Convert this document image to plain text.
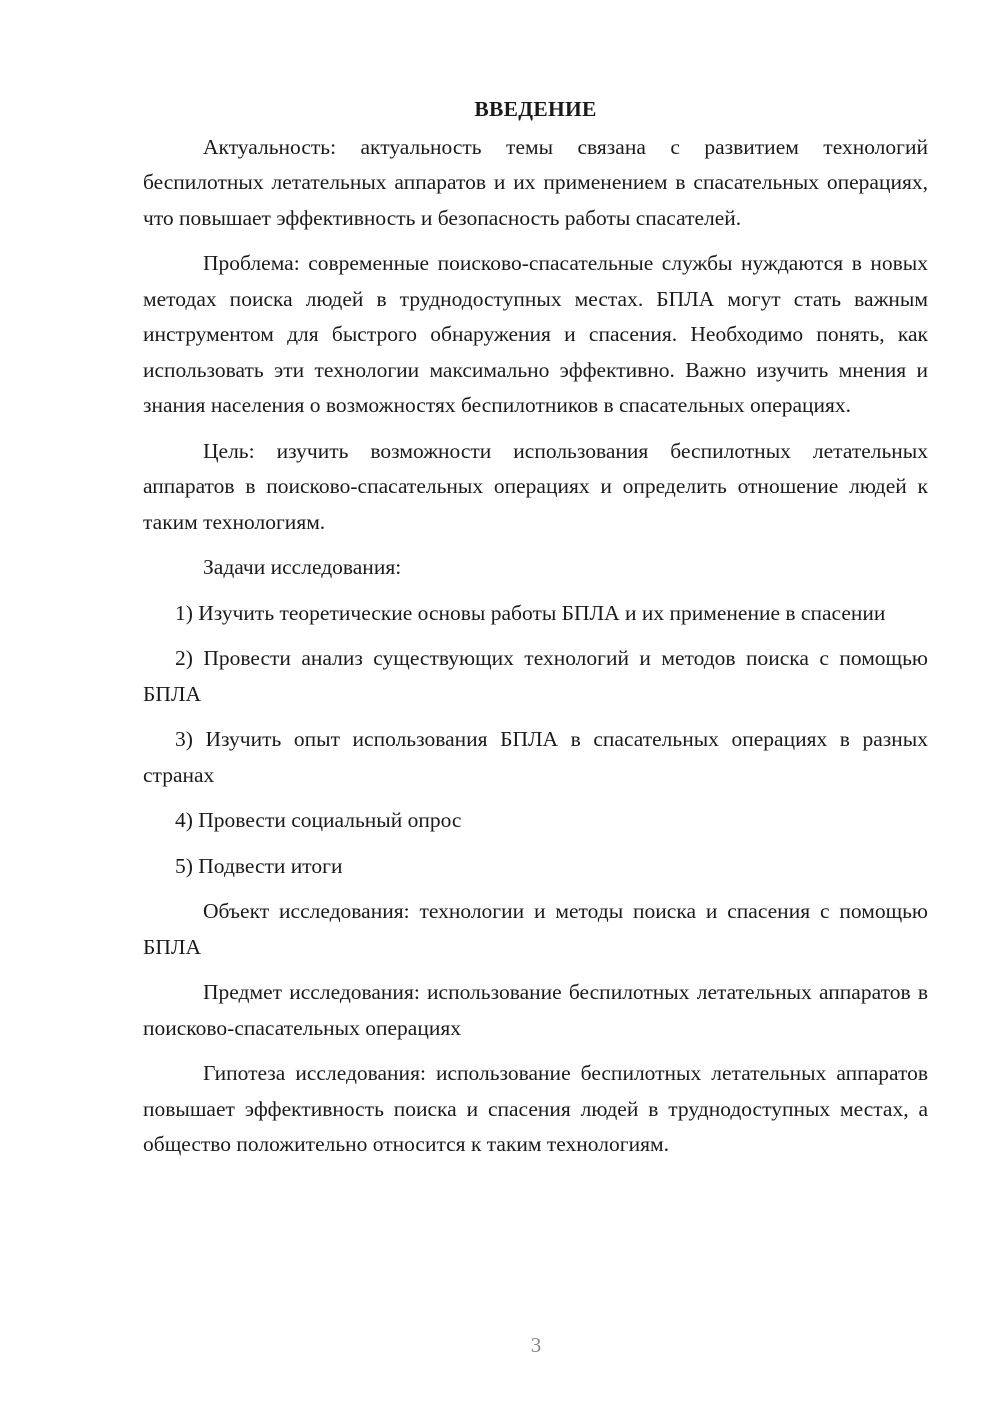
ВВЕДЕНИЕ

Актуальность: актуальность темы связана с развитием технологий беспилотных летательных аппаратов и их применением в спасательных операциях, что повышает эффективность и безопасность работы спасателей.

Проблема: современные поисково-спасательные службы нуждаются в новых методах поиска людей в труднодоступных местах. БПЛА могут стать важным инструментом для быстрого обнаружения и спасения. Необходимо понять, как использовать эти технологии максимально эффективно. Важно изучить мнения и знания населения о возможностях беспилотников в спасательных операциях.

Цель: изучить возможности использования беспилотных летательных аппаратов в поисково-спасательных операциях и определить отношение людей к таким технологиям.

Задачи исследования:

1) Изучить теоретические основы работы БПЛА и их применение в спасении

2) Провести анализ существующих технологий и методов поиска с помощью БПЛА

3) Изучить опыт использования БПЛА в спасательных операциях в разных странах

4) Провести социальный опрос

5) Подвести итоги

Объект исследования: технологии и методы поиска и спасения с помощью БПЛА

Предмет исследования: использование беспилотных летательных аппаратов в поисково-спасательных операциях

Гипотеза исследования: использование беспилотных летательных аппаратов повышает эффективность поиска и спасения людей в труднодоступных местах, а общество положительно относится к таким технологиям.

3
